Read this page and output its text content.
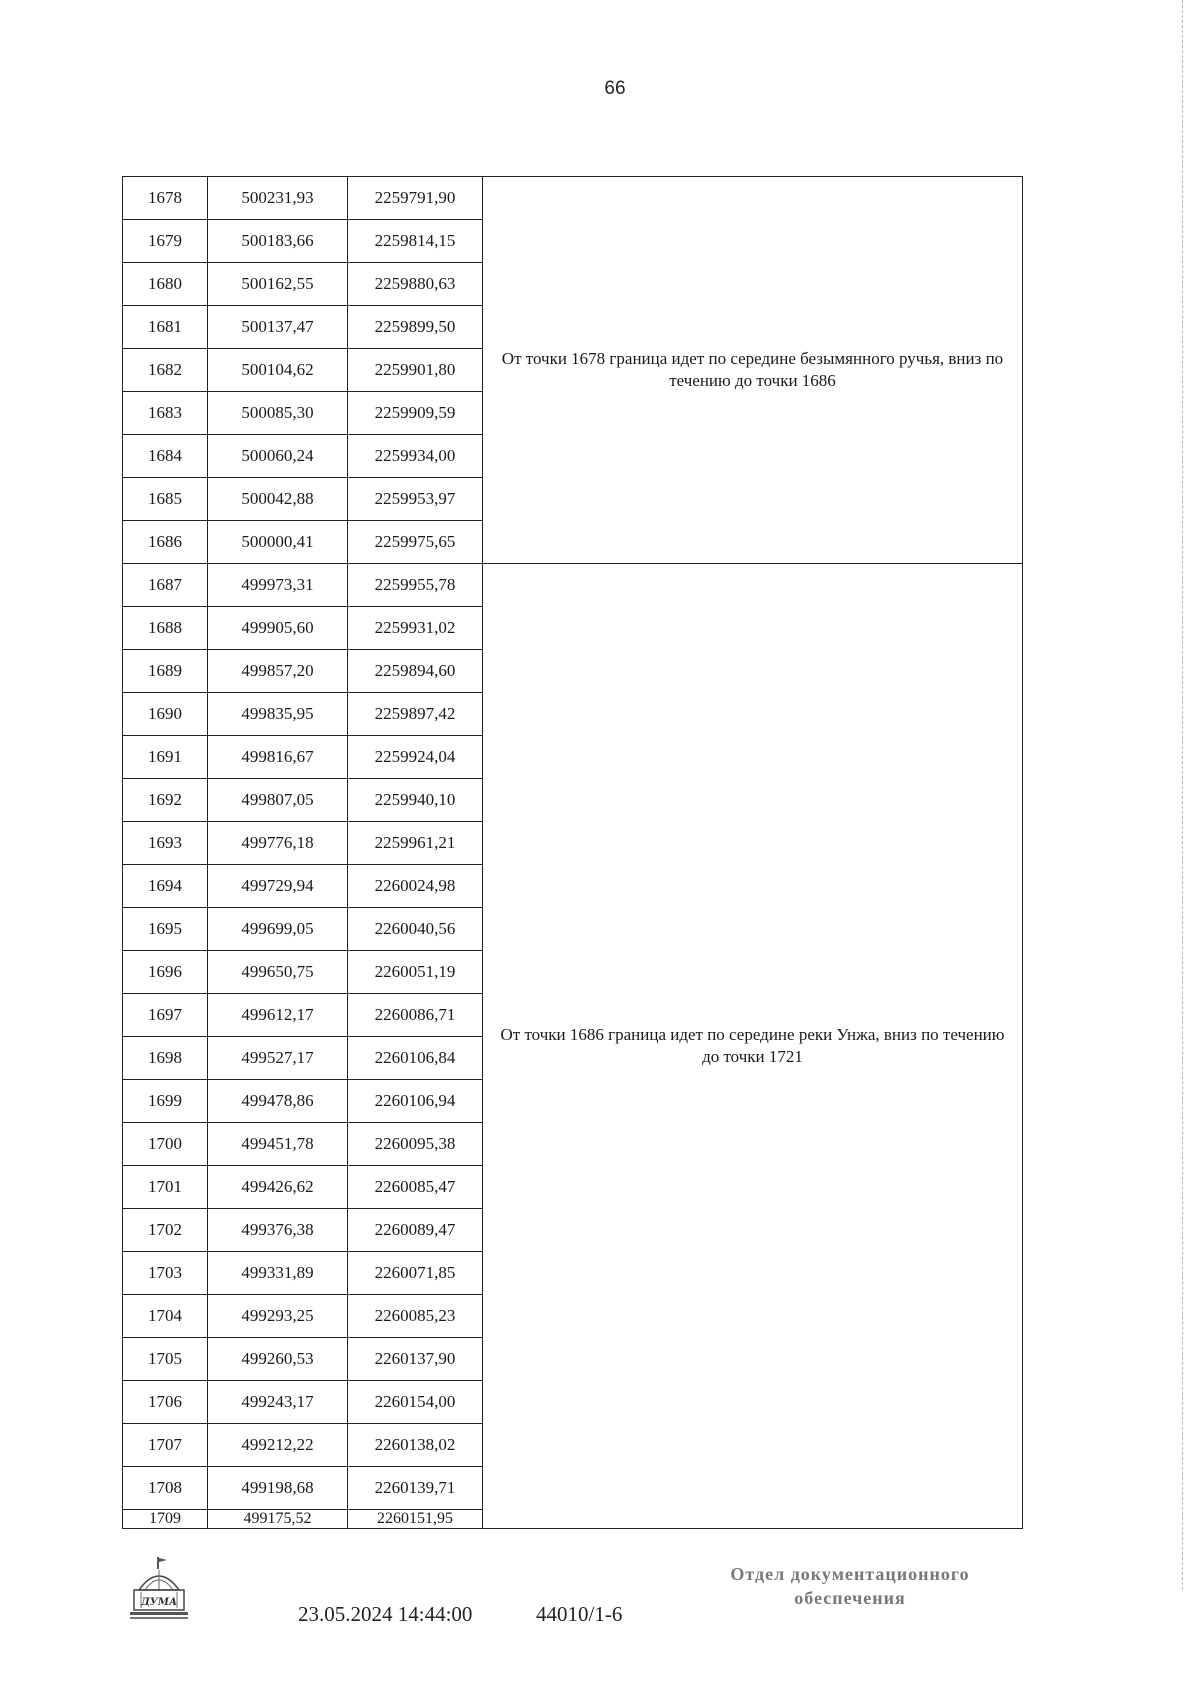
66
1678	500231,93	2259791,90	От точки 1678 граница идет по середине безымянного ручья, вниз по течению до точки 1686
1679	500183,66	2259814,15	
1680	500162,55	2259880,63	
1681	500137,47	2259899,50	
1682	500104,62	2259901,80	
1683	500085,30	2259909,59	
1684	500060,24	2259934,00	
1685	500042,88	2259953,97	
1686	500000,41	2259975,65	
1687	499973,31	2259955,78	От точки 1686 граница идет по середине реки Унжа, вниз по течению до точки 1721
1688	499905,60	2259931,02	
1689	499857,20	2259894,60	
1690	499835,95	2259897,42	
1691	499816,67	2259924,04	
1692	499807,05	2259940,10	
1693	499776,18	2259961,21	
1694	499729,94	2260024,98	
1695	499699,05	2260040,56	
1696	499650,75	2260051,19	
1697	499612,17	2260086,71	
1698	499527,17	2260106,84	
1699	499478,86	2260106,94	
1700	499451,78	2260095,38	
1701	499426,62	2260085,47	
1702	499376,38	2260089,47	
1703	499331,89	2260071,85	
1704	499293,25	2260085,23	
1705	499260,53	2260137,90	
1706	499243,17	2260154,00	
1707	499212,22	2260138,02	
1708	499198,68	2260139,71	
1709	499175,52	2260151,95	
ДУМА	23.05.2024 14:44:00	44010/1-6
Отдел документационного
обеспечения
